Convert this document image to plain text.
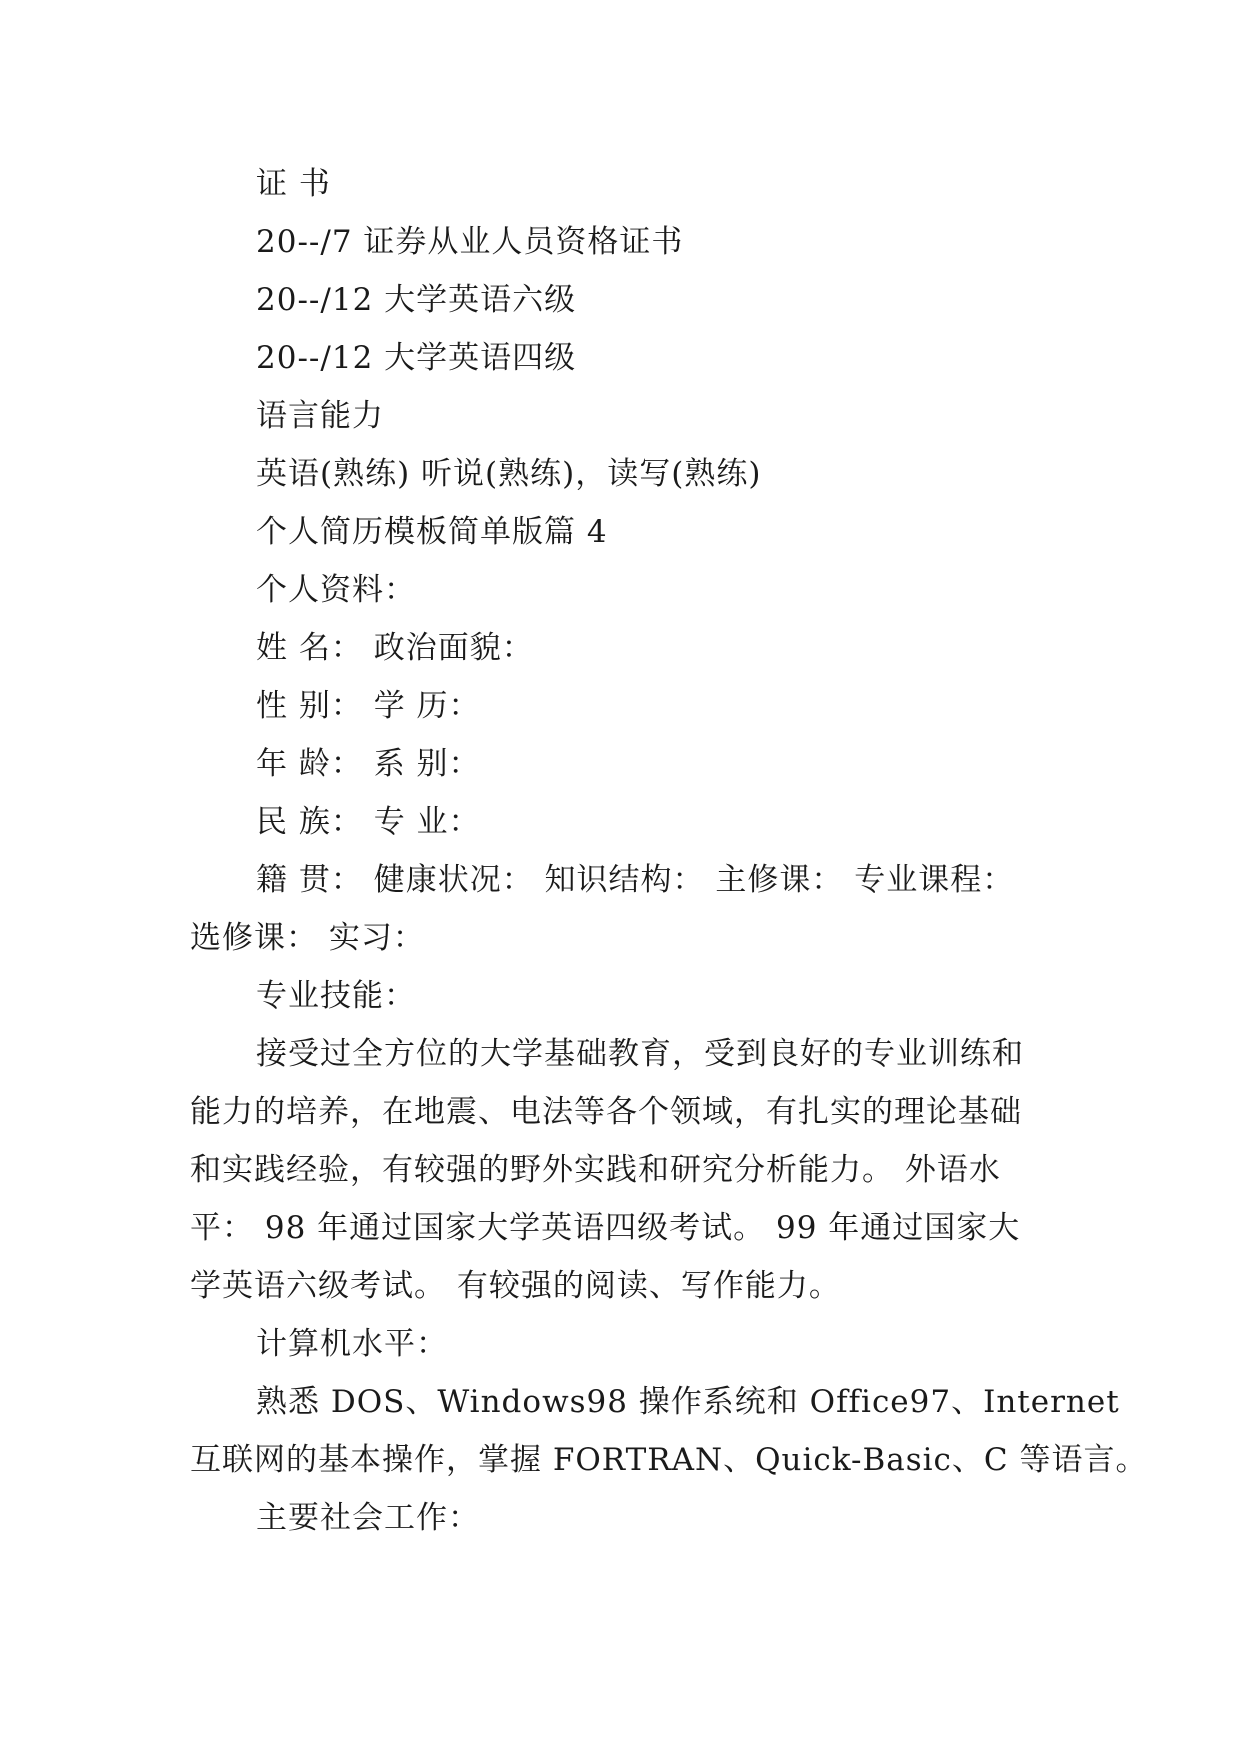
证 书
20--/7 证券从业人员资格证书
20--/12 大学英语六级
20--/12 大学英语四级
语言能力
英语(熟练) 听说(熟练)，读写(熟练)
个人简历模板简单版篇 4
个人资料：
姓 名： 政治面貌：
性 别： 学 历：
年 龄： 系 别：
民 族： 专 业：
籍 贯： 健康状况： 知识结构： 主修课： 专业课程：
选修课： 实习：
专业技能：
接受过全方位的大学基础教育，受到良好的专业训练和
能力的培养，在地震、电法等各个领域，有扎实的理论基础
和实践经验，有较强的野外实践和研究分析能力。 外语水
平： 98 年通过国家大学英语四级考试。 99 年通过国家大
学英语六级考试。 有较强的阅读、写作能力。
计算机水平：
熟悉 DOS、Windows98 操作系统和 Office97、Internet
互联网的基本操作，掌握 FORTRAN、Quick-Basic、C 等语言。
主要社会工作：
